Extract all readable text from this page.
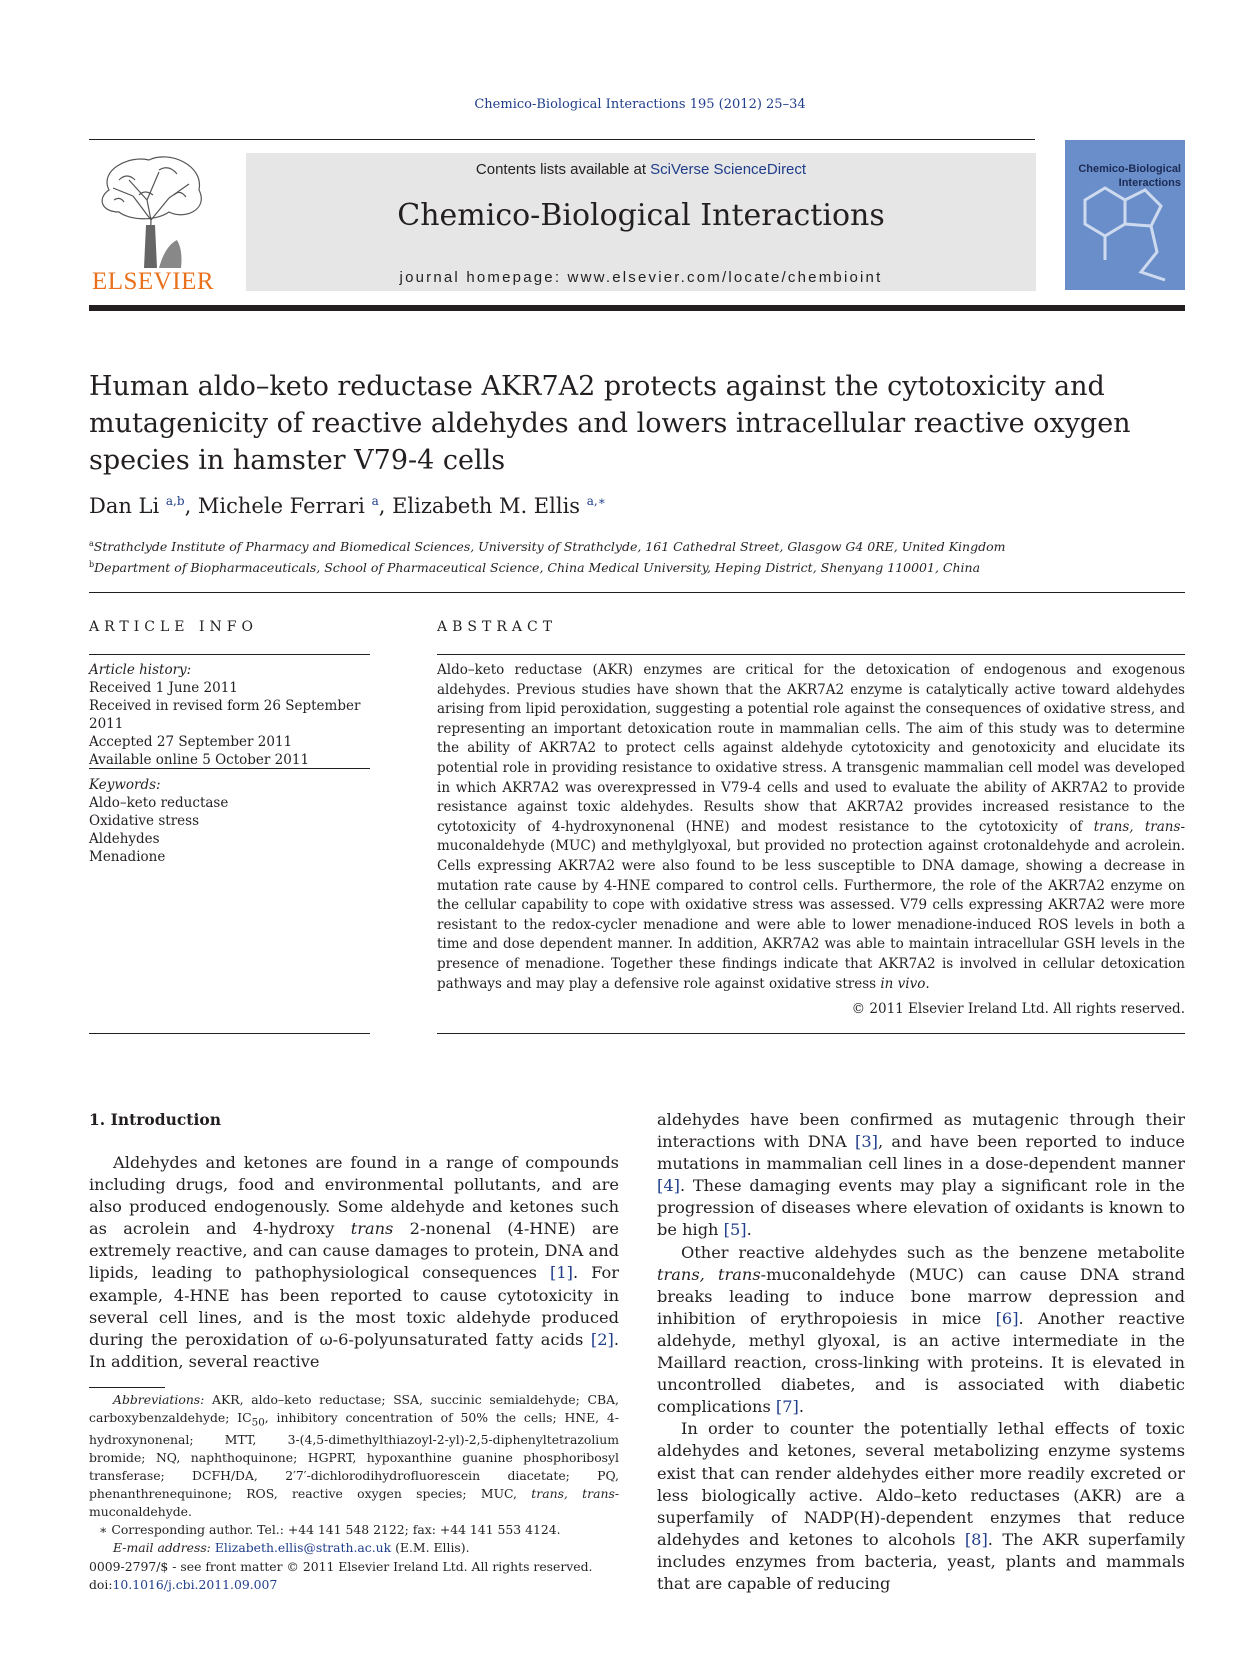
Chemico-Biological Interactions 195 (2012) 25–34
ELSEVIER
Contents lists available at SciVerse ScienceDirect
Chemico-Biological Interactions
journal homepage: www.elsevier.com/locate/chembioint
Chemico-Biological
Interactions
Human aldo–keto reductase AKR7A2 protects against the cytotoxicity and mutagenicity of reactive aldehydes and lowers intracellular reactive oxygen species in hamster V79-4 cells
Dan Li $^{a,b}$, Michele Ferrari $^a$, Elizabeth M. Ellis $^{a,∗}$
$^a$Strathclyde Institute of Pharmacy and Biomedical Sciences, University of Strathclyde, 161 Cathedral Street, Glasgow G4 0RE, United Kingdom
$^b$Department of Biopharmaceuticals, School of Pharmaceutical Science, China Medical University, Heping District, Shenyang 110001, China
ARTICLE INFO
Article history:
Received 1 June 2011
Received in revised form 26 September 2011
Accepted 27 September 2011
Available online 5 October 2011
Keywords:
Aldo–keto reductase
Oxidative stress
Aldehydes
Menadione
ABSTRACT
Aldo–keto reductase (AKR) enzymes are critical for the detoxication of endogenous and exogenous aldehydes. Previous studies have shown that the AKR7A2 enzyme is catalytically active toward aldehydes arising from lipid peroxidation, suggesting a potential role against the consequences of oxidative stress, and representing an important detoxication route in mammalian cells. The aim of this study was to determine the ability of AKR7A2 to protect cells against aldehyde cytotoxicity and genotoxicity and elucidate its potential role in providing resistance to oxidative stress. A transgenic mammalian cell model was developed in which AKR7A2 was overexpressed in V79-4 cells and used to evaluate the ability of AKR7A2 to provide resistance against toxic aldehydes. Results show that AKR7A2 provides increased resistance to the cytotoxicity of 4-hydroxynonenal (HNE) and modest resistance to the cytotoxicity of trans, trans-muconaldehyde (MUC) and methylglyoxal, but provided no protection against crotonaldehyde and acrolein. Cells expressing AKR7A2 were also found to be less susceptible to DNA damage, showing a decrease in mutation rate cause by 4-HNE compared to control cells. Furthermore, the role of the AKR7A2 enzyme on the cellular capability to cope with oxidative stress was assessed. V79 cells expressing AKR7A2 were more resistant to the redox-cycler menadione and were able to lower menadione-induced ROS levels in both a time and dose dependent manner. In addition, AKR7A2 was able to maintain intracellular GSH levels in the presence of menadione. Together these findings indicate that AKR7A2 is involved in cellular detoxication pathways and may play a defensive role against oxidative stress in vivo.
© 2011 Elsevier Ireland Ltd. All rights reserved.
1. Introduction

Aldehydes and ketones are found in a range of compounds including drugs, food and environmental pollutants, and are also produced endogenously. Some aldehyde and ketones such as acrolein and 4-hydroxy trans 2-nonenal (4-HNE) are extremely reactive, and can cause damages to protein, DNA and lipids, leading to pathophysiological consequences [1]. For example, 4-HNE has been reported to cause cytotoxicity in several cell lines, and is the most toxic aldehyde produced during the peroxidation of ω-6-polyunsaturated fatty acids [2]. In addition, several reactive

aldehydes have been confirmed as mutagenic through their interactions with DNA [3], and have been reported to induce mutations in mammalian cell lines in a dose-dependent manner [4]. These damaging events may play a significant role in the progression of diseases where elevation of oxidants is known to be high [5].

Other reactive aldehydes such as the benzene metabolite trans, trans-muconaldehyde (MUC) can cause DNA strand breaks leading to induce bone marrow depression and inhibition of erythropoiesis in mice [6]. Another reactive aldehyde, methyl glyoxal, is an active intermediate in the Maillard reaction, cross-linking with proteins. It is elevated in uncontrolled diabetes, and is associated with diabetic complications [7].

In order to counter the potentially lethal effects of toxic aldehydes and ketones, several metabolizing enzyme systems exist that can render aldehydes either more readily excreted or less biologically active. Aldo–keto reductases (AKR) are a superfamily of NADP(H)-dependent enzymes that reduce aldehydes and ketones to alcohols [8]. The AKR superfamily includes enzymes from bacteria, yeast, plants and mammals that are capable of reducing

Abbreviations: AKR, aldo–keto reductase; SSA, succinic semialdehyde; CBA, carboxybenzaldehyde; $IC_{50}$, inhibitory concentration of 50% the cells; HNE, 4-hydroxynonenal; MTT, 3-(4,5-dimethylthiazoyl-2-yl)-2,5-diphenyltetrazolium bromide; NQ, naphthoquinone; HGPRT, hypoxanthine guanine phosphoribosyl transferase; DCFH/DA, 2′7′-dichlorodihydrofluorescein diacetate; PQ, phenanthrenequinone; ROS, reactive oxygen species; MUC, trans, trans-muconaldehyde.

∗ Corresponding author. Tel.: +44 141 548 2122; fax: +44 141 553 4124.

E-mail address: Elizabeth.ellis@strath.ac.uk (E.M. Ellis).

0009-2797/$ - see front matter © 2011 Elsevier Ireland Ltd. All rights reserved.
doi:10.1016/j.cbi.2011.09.007
